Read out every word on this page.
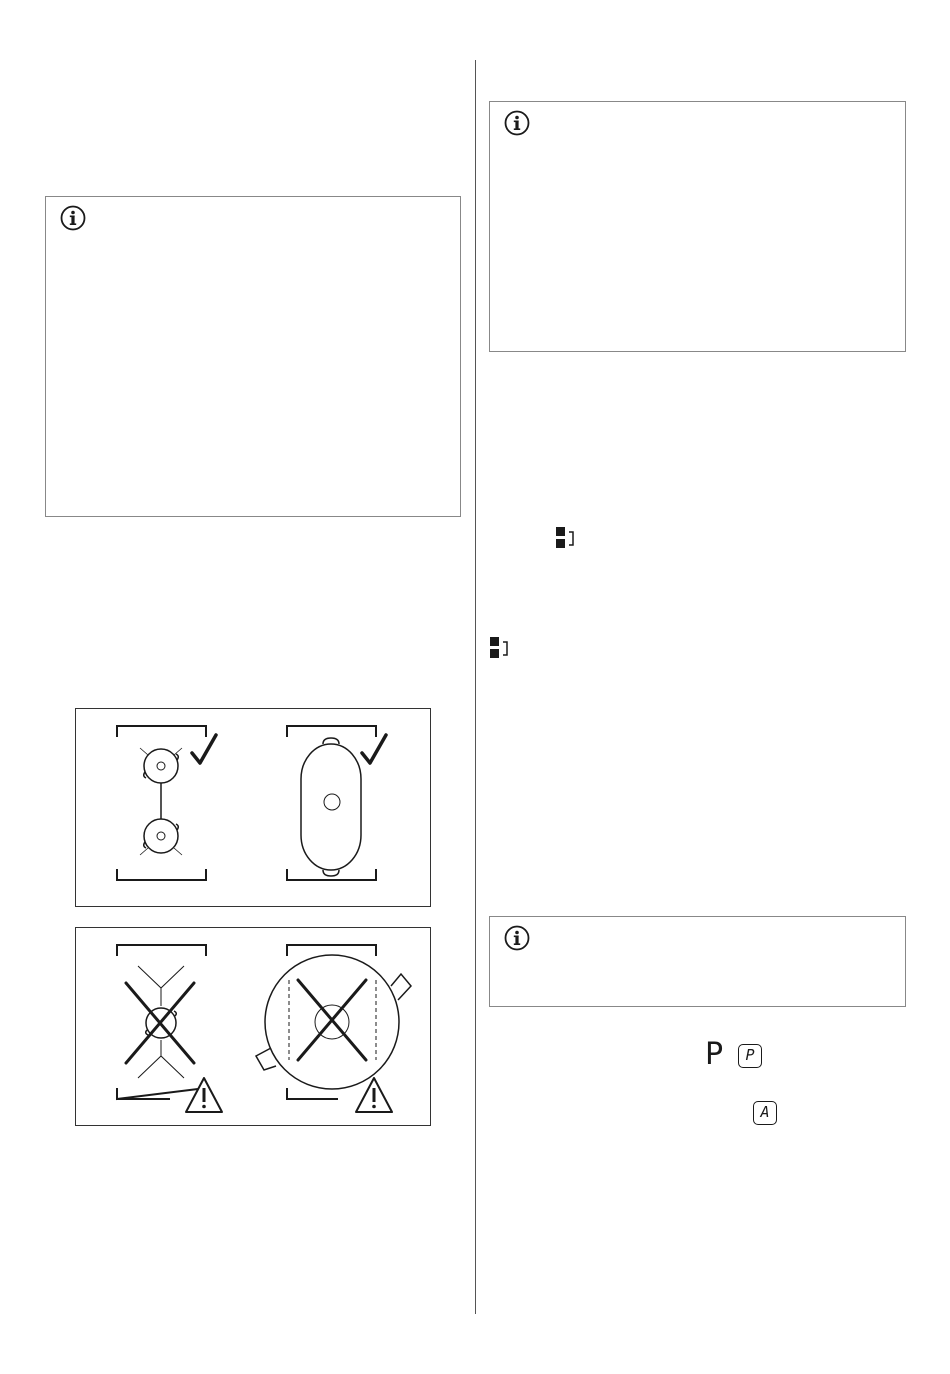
P	P
A
